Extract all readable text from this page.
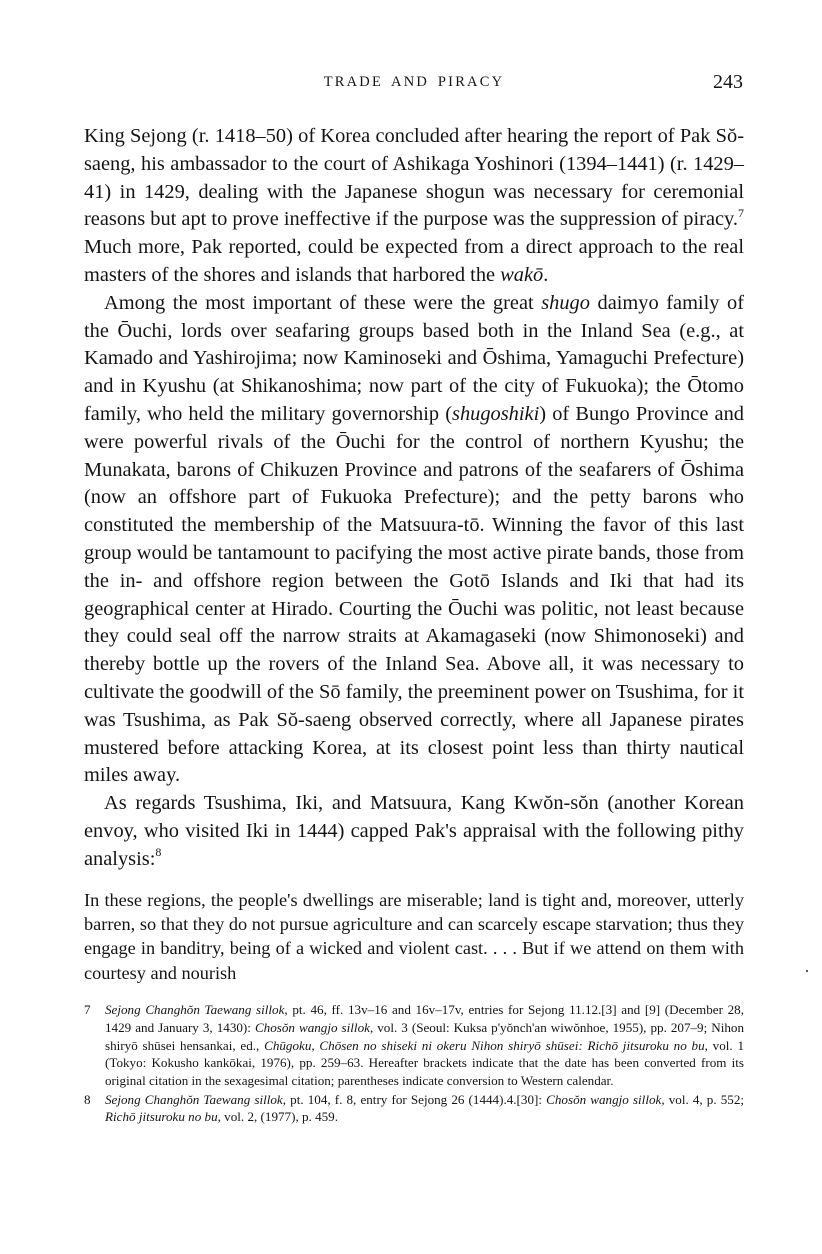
TRADE AND PIRACY	243

King Sejong (r. 1418–50) of Korea concluded after hearing the report of Pak Sŏ-saeng, his ambassador to the court of Ashikaga Yoshinori (1394–1441) (r. 1429–41) in 1429, dealing with the Japanese shogun was necessary for ceremonial reasons but apt to prove ineffective if the purpose was the suppression of piracy.$^7$ Much more, Pak reported, could be expected from a direct approach to the real masters of the shores and islands that harbored the wakō.

Among the most important of these were the great shugo daimyo family of the Ōuchi, lords over seafaring groups based both in the Inland Sea (e.g., at Kamado and Yashirojima; now Kaminoseki and Ōshima, Yamaguchi Prefecture) and in Kyushu (at Shikanoshima; now part of the city of Fukuoka); the Ōtomo family, who held the military governorship (shugoshiki) of Bungo Province and were powerful rivals of the Ōuchi for the control of northern Kyushu; the Munakata, barons of Chikuzen Province and patrons of the seafarers of Ōshima (now an offshore part of Fukuoka Prefecture); and the petty barons who constituted the membership of the Matsuura-tō. Winning the favor of this last group would be tantamount to pacifying the most active pirate bands, those from the in- and offshore region between the Gotō Islands and Iki that had its geographical center at Hirado. Courting the Ōuchi was politic, not least because they could seal off the narrow straits at Akamagaseki (now Shimonoseki) and thereby bottle up the rovers of the Inland Sea. Above all, it was necessary to cultivate the goodwill of the Sō family, the preeminent power on Tsushima, for it was Tsushima, as Pak Sŏ-saeng observed correctly, where all Japanese pirates mustered before attacking Korea, at its closest point less than thirty nautical miles away.

As regards Tsushima, Iki, and Matsuura, Kang Kwŏn-sŏn (another Korean envoy, who visited Iki in 1444) capped Pak's appraisal with the following pithy analysis:$^8$

In these regions, the people's dwellings are miserable; land is tight and, moreover, utterly barren, so that they do not pursue agriculture and can scarcely escape starvation; thus they engage in banditry, being of a wicked and violent cast. . . . But if we attend on them with courtesy and nourish

7 Sejong Changhŏn Taewang sillok, pt. 46, ff. 13v–16 and 16v–17v, entries for Sejong 11.12.[3] and [9] (December 28, 1429 and January 3, 1430): Chosŏn wangjo sillok, vol. 3 (Seoul: Kuksa p'yŏnch'an wiwŏnhoe, 1955), pp. 207–9; Nihon shiryō shūsei hensankai, ed., Chūgoku, Chōsen no shiseki ni okeru Nihon shiryō shūsei: Richō jitsuroku no bu, vol. 1 (Tokyo: Kokusho kankōkai, 1976), pp. 259–63. Hereafter brackets indicate that the date has been converted from its original citation in the sexagesimal citation; parentheses indicate conversion to Western calendar.
8 Sejong Changhŏn Taewang sillok, pt. 104, f. 8, entry for Sejong 26 (1444).4.[30]: Chosŏn wangjo sillok, vol. 4, p. 552; Richō jitsuroku no bu, vol. 2, (1977), p. 459.
